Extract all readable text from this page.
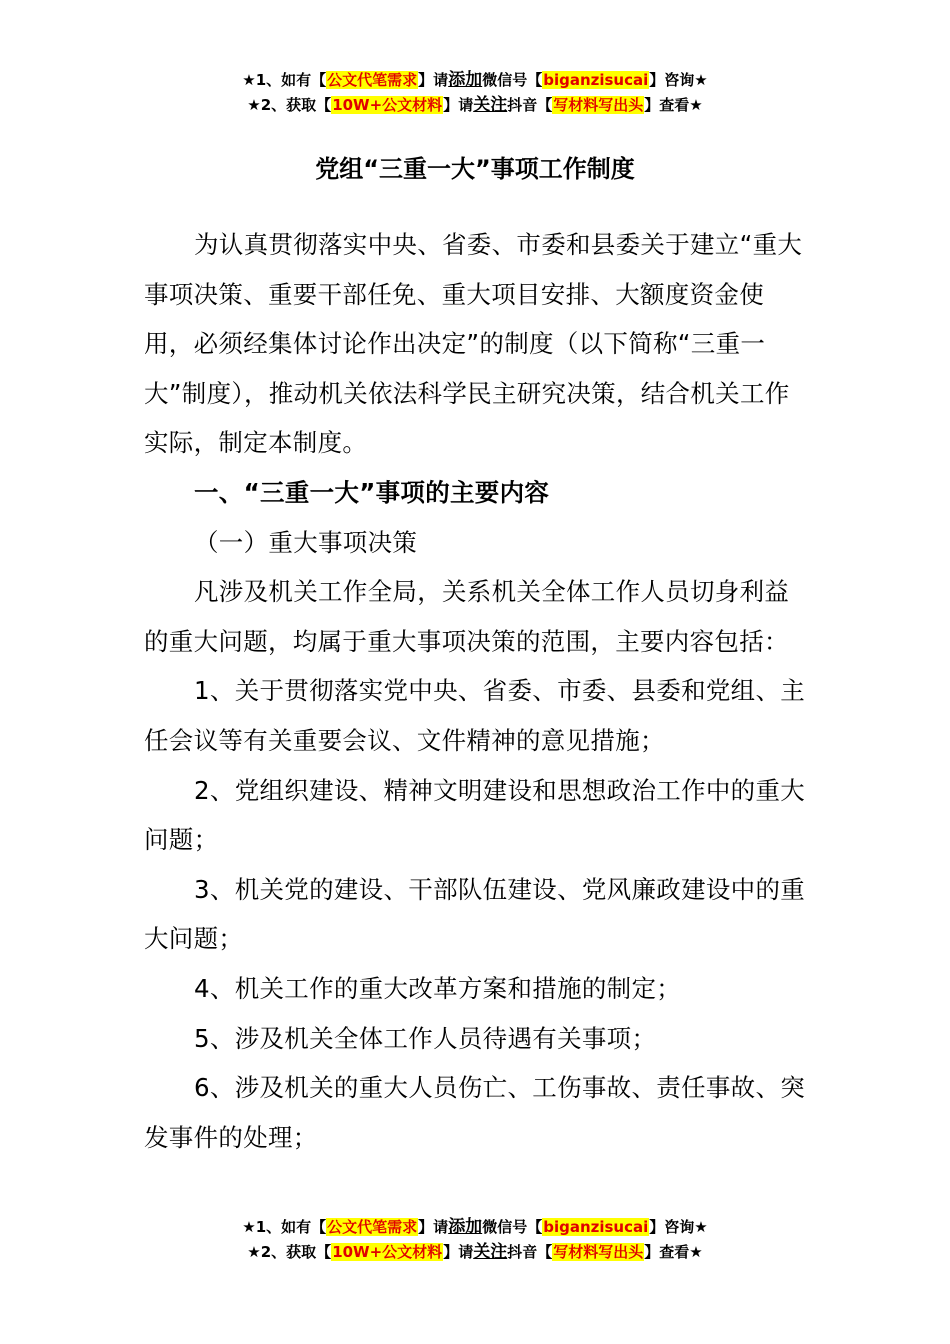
★1、如有【公文代笔需求】请添加微信号【biganzisucai】咨询★
★2、获取【10W+公文材料】请关注抖音【写材料写出头】查看★
党组“三重一大”事项工作制度

为认真贯彻落实中央、省委、市委和县委关于建立“重大事项决策、重要干部任免、重大项目安排、大额度资金使用，必须经集体讨论作出决定”的制度（以下简称“三重一大”制度），推动机关依法科学民主研究决策，结合机关工作实际，制定本制度。

一、“三重一大”事项的主要内容

（一）重大事项决策

凡涉及机关工作全局，关系机关全体工作人员切身利益的重大问题，均属于重大事项决策的范围，主要内容包括：

1、关于贯彻落实党中央、省委、市委、县委和党组、主任会议等有关重要会议、文件精神的意见措施；

2、党组织建设、精神文明建设和思想政治工作中的重大问题；

3、机关党的建设、干部队伍建设、党风廉政建设中的重大问题；

4、机关工作的重大改革方案和措施的制定；

5、涉及机关全体工作人员待遇有关事项；

6、涉及机关的重大人员伤亡、工伤事故、责任事故、突发事件的处理；

★1、如有【公文代笔需求】请添加微信号【biganzisucai】咨询★
★2、获取【10W+公文材料】请关注抖音【写材料写出头】查看★
